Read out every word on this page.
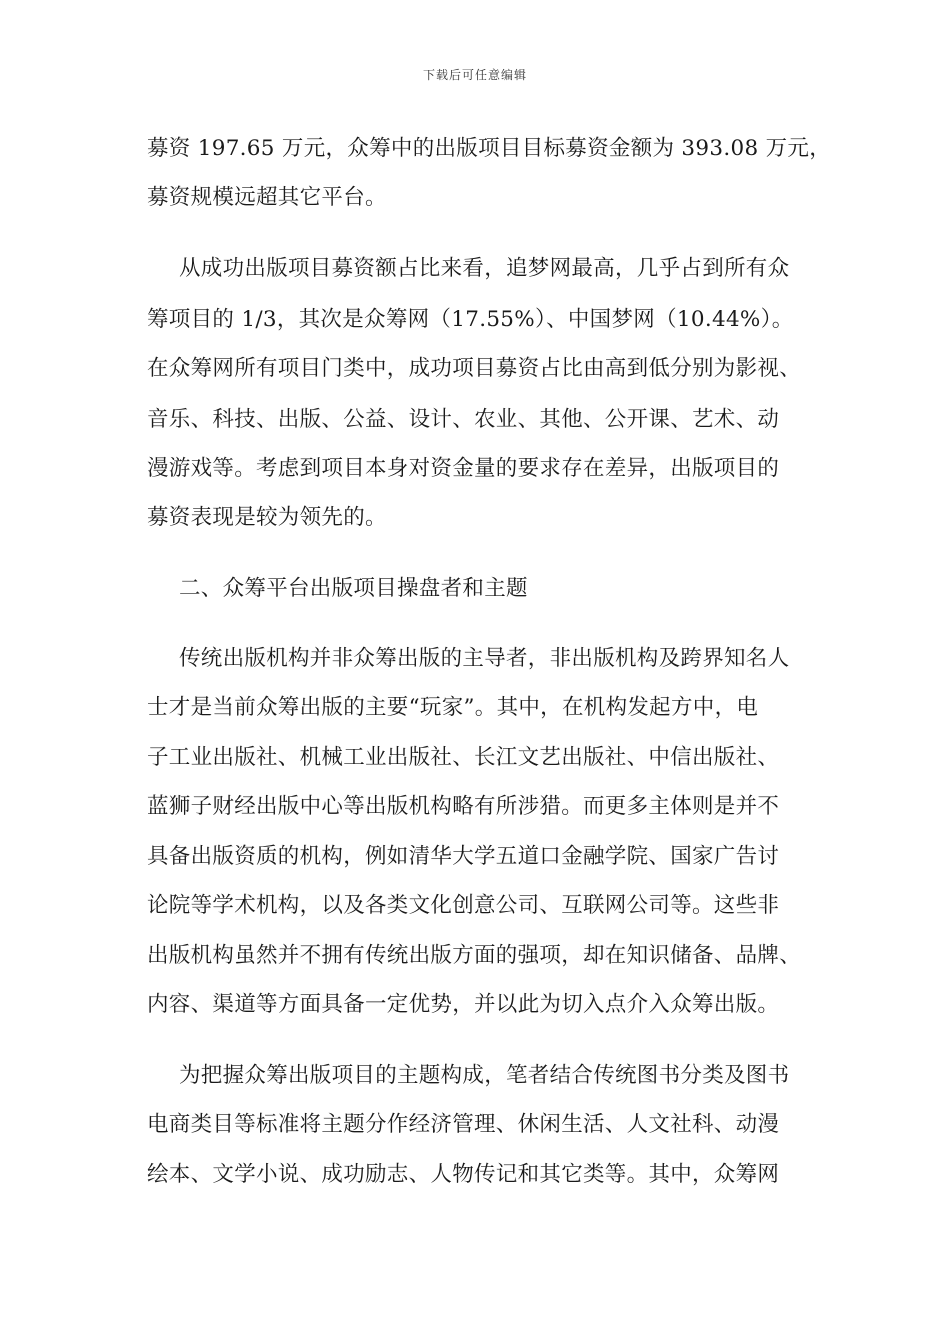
下载后可任意编辑
募资 197.65 万元，众筹中的出版项目目标募资金额为 393.08 万元，
募资规模远超其它平台。
从成功出版项目募资额占比来看，追梦网最高，几乎占到所有众
筹项目的 1/3，其次是众筹网（17.55%）、中国梦网（10.44%）。
在众筹网所有项目门类中，成功项目募资占比由高到低分别为影视、
音乐、科技、出版、公益、设计、农业、其他、公开课、艺术、动
漫游戏等。考虑到项目本身对资金量的要求存在差异，出版项目的
募资表现是较为领先的。
二、众筹平台出版项目操盘者和主题
传统出版机构并非众筹出版的主导者，非出版机构及跨界知名人
士才是当前众筹出版的主要“玩家”。其中，在机构发起方中，电
子工业出版社、机械工业出版社、长江文艺出版社、中信出版社、
蓝狮子财经出版中心等出版机构略有所涉猎。而更多主体则是并不
具备出版资质的机构，例如清华大学五道口金融学院、国家广告讨
论院等学术机构，以及各类文化创意公司、互联网公司等。这些非
出版机构虽然并不拥有传统出版方面的强项，却在知识储备、品牌、
内容、渠道等方面具备一定优势，并以此为切入点介入众筹出版。
为把握众筹出版项目的主题构成，笔者结合传统图书分类及图书
电商类目等标准将主题分作经济管理、休闲生活、人文社科、动漫
绘本、文学小说、成功励志、人物传记和其它类等。其中，众筹网
